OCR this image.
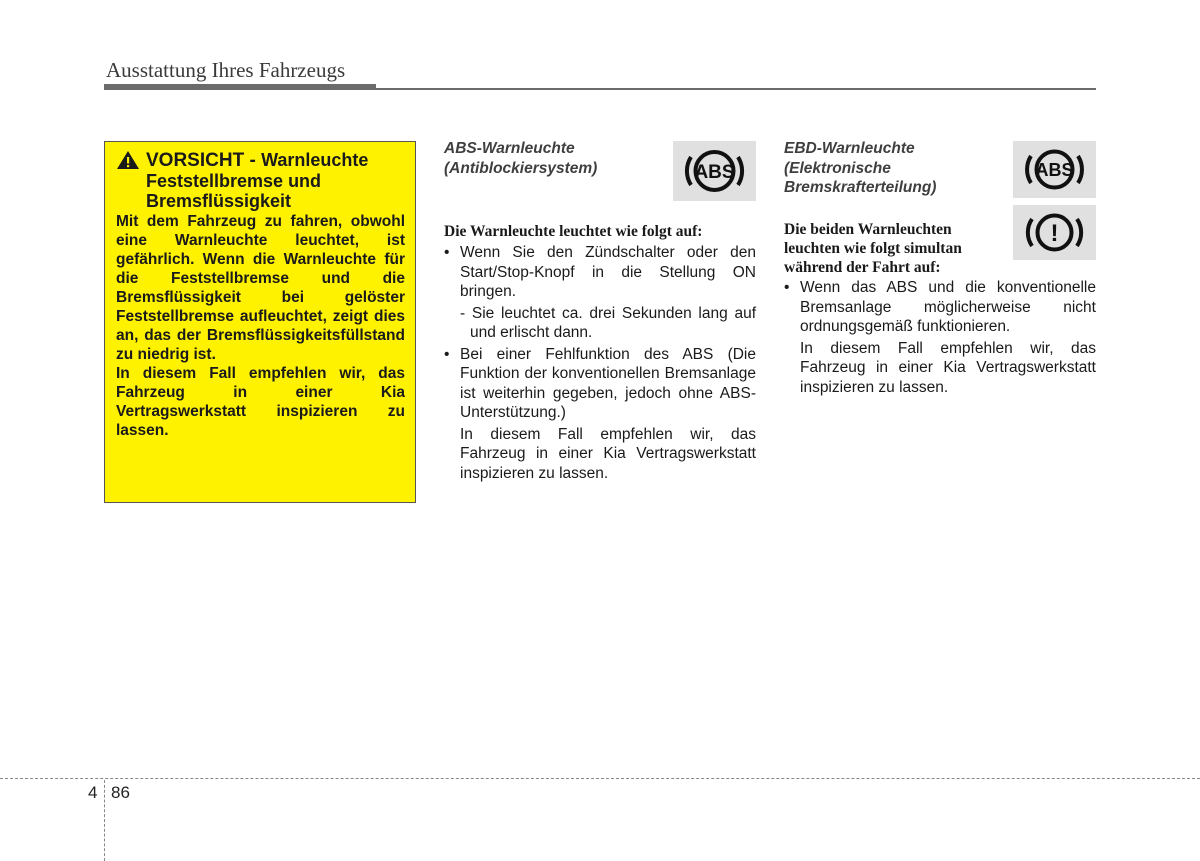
Ausstattung Ihres Fahrzeugs
VORSICHT - Warnleuchte Feststellbremse und Bremsflüssigkeit

Mit dem Fahrzeug zu fahren, obwohl eine Warnleuchte leuchtet, ist gefährlich. Wenn die Warnleuchte für die Feststellbremse und die Bremsflüssigkeit bei gelöster Feststellbremse aufleuchtet, zeigt dies an, das der Bremsflüssigkeitsfüllstand zu niedrig ist.

In diesem Fall empfehlen wir, das Fahrzeug in einer Kia Vertragswerkstatt inspizieren zu lassen.

ABS-Warnleuchte
(Antiblockiersystem)	ABS
Die Warnleuchte leuchtet wie folgt auf:
• Wenn Sie den Zündschalter oder den Start/Stop-Knopf in die Stellung ON bringen.
- Sie leuchtet ca. drei Sekunden lang auf und erlischt dann.
• Bei einer Fehlfunktion des ABS (Die Funktion der konventionellen Bremsanlage ist weiterhin gegeben, jedoch ohne ABS-Unterstützung.)
In diesem Fall empfehlen wir, das Fahrzeug in einer Kia Vertragswerkstatt inspizieren zu lassen.
EBD-Warnleuchte
(Elektronische
Bremskrafterteilung)
ABS
!
Die beiden Warnleuchten
leuchten wie folgt simultan
während der Fahrt auf:
• Wenn das ABS und die konventionelle Bremsanlage möglicherweise nicht ordnungsgemäß funktionieren.
In diesem Fall empfehlen wir, das Fahrzeug in einer Kia Vertragswerkstatt inspizieren zu lassen.
4 86
